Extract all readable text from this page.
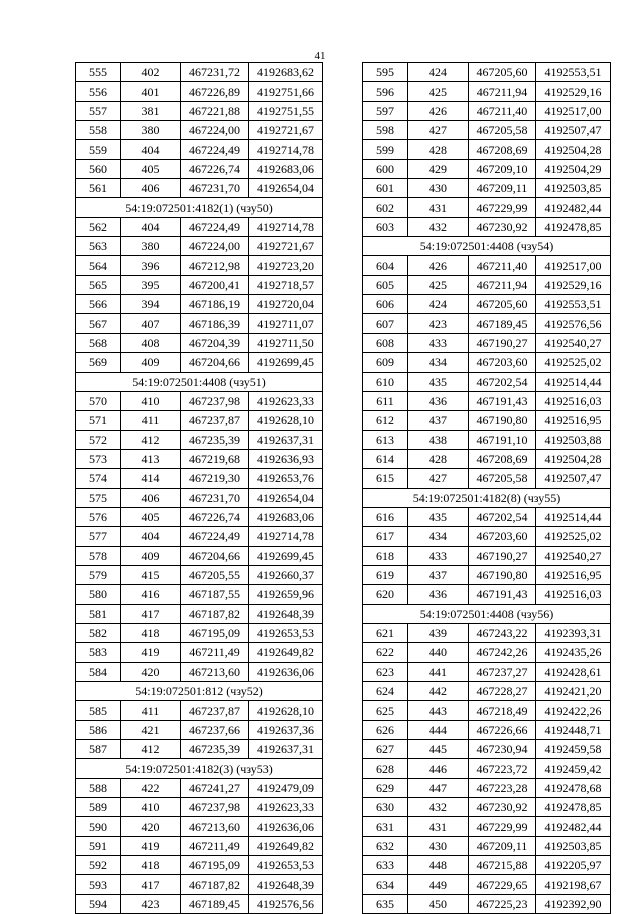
41
555	402	467231,72	4192683,62
556	401	467226,89	4192751,66
557	381	467221,88	4192751,55
558	380	467224,00	4192721,67
559	404	467224,49	4192714,78
560	405	467226,74	4192683,06
561	406	467231,70	4192654,04
54:19:072501:4182(1) (чзу50)			
562	404	467224,49	4192714,78
563	380	467224,00	4192721,67
564	396	467212,98	4192723,20
565	395	467200,41	4192718,57
566	394	467186,19	4192720,04
567	407	467186,39	4192711,07
568	408	467204,39	4192711,50
569	409	467204,66	4192699,45
54:19:072501:4408 (чзу51)			
570	410	467237,98	4192623,33
571	411	467237,87	4192628,10
572	412	467235,39	4192637,31
573	413	467219,68	4192636,93
574	414	467219,30	4192653,76
575	406	467231,70	4192654,04
576	405	467226,74	4192683,06
577	404	467224,49	4192714,78
578	409	467204,66	4192699,45
579	415	467205,55	4192660,37
580	416	467187,55	4192659,96
581	417	467187,82	4192648,39
582	418	467195,09	4192653,53
583	419	467211,49	4192649,82
584	420	467213,60	4192636,06
54:19:072501:812 (чзу52)			
585	411	467237,87	4192628,10
586	421	467237,66	4192637,36
587	412	467235,39	4192637,31
54:19:072501:4182(3) (чзу53)			
588	422	467241,27	4192479,09
589	410	467237,98	4192623,33
590	420	467213,60	4192636,06
591	419	467211,49	4192649,82
592	418	467195,09	4192653,53
593	417	467187,82	4192648,39
594	423	467189,45	4192576,56
595	424	467205,60	4192553,51
596	425	467211,94	4192529,16
597	426	467211,40	4192517,00
598	427	467205,58	4192507,47
599	428	467208,69	4192504,28
600	429	467209,10	4192504,29
601	430	467209,11	4192503,85
602	431	467229,99	4192482,44
603	432	467230,92	4192478,85
54:19:072501:4408 (чзу54)			
604	426	467211,40	4192517,00
605	425	467211,94	4192529,16
606	424	467205,60	4192553,51
607	423	467189,45	4192576,56
608	433	467190,27	4192540,27
609	434	467203,60	4192525,02
610	435	467202,54	4192514,44
611	436	467191,43	4192516,03
612	437	467190,80	4192516,95
613	438	467191,10	4192503,88
614	428	467208,69	4192504,28
615	427	467205,58	4192507,47
54:19:072501:4182(8) (чзу55)			
616	435	467202,54	4192514,44
617	434	467203,60	4192525,02
618	433	467190,27	4192540,27
619	437	467190,80	4192516,95
620	436	467191,43	4192516,03
54:19:072501:4408 (чзу56)			
621	439	467243,22	4192393,31
622	440	467242,26	4192435,26
623	441	467237,27	4192428,61
624	442	467228,27	4192421,20
625	443	467218,49	4192422,26
626	444	467226,66	4192448,71
627	445	467230,94	4192459,58
628	446	467223,72	4192459,42
629	447	467223,28	4192478,68
630	432	467230,92	4192478,85
631	431	467229,99	4192482,44
632	430	467209,11	4192503,85
633	448	467215,88	4192205,97
634	449	467229,65	4192198,67
635	450	467225,23	4192392,90
